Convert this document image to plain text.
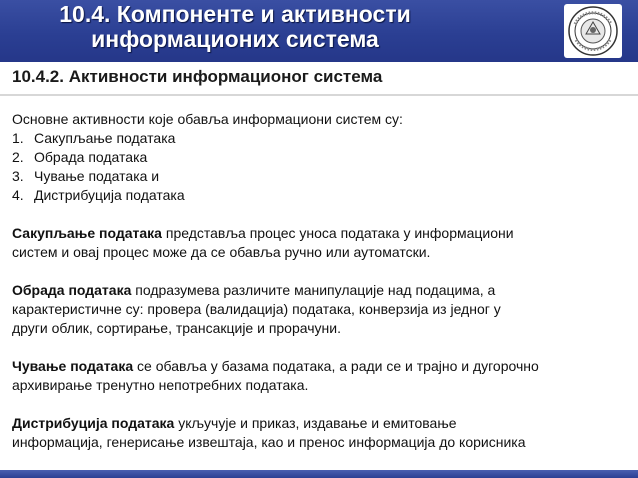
10.4. Компоненте и активности
информационих система
10.4.2. Активности информационог система

Основне активности које обавља информациони систем су:

1. Сакупљање података
2. Обрада података
3. Чување података и
4. Дистрибуција података

Сакупљање података представља процес уноса података у информациони

систем и овај процес може да се обавља ручно или аутоматски.

Обрада података подразумева различите манипулације над подацима, а

карактеристичне су: провера (валидација) података, конверзија из једног у

други облик, сортирање, трансакције и прорачуни.

Чување података се обавља у базама података, а ради се и трајно и дугорочно

архивирање тренутно непотребних података.

Дистрибуција података укључује и приказ, издавање и емитовање

информација, генерисање извештаја, као и пренос информација до корисника
